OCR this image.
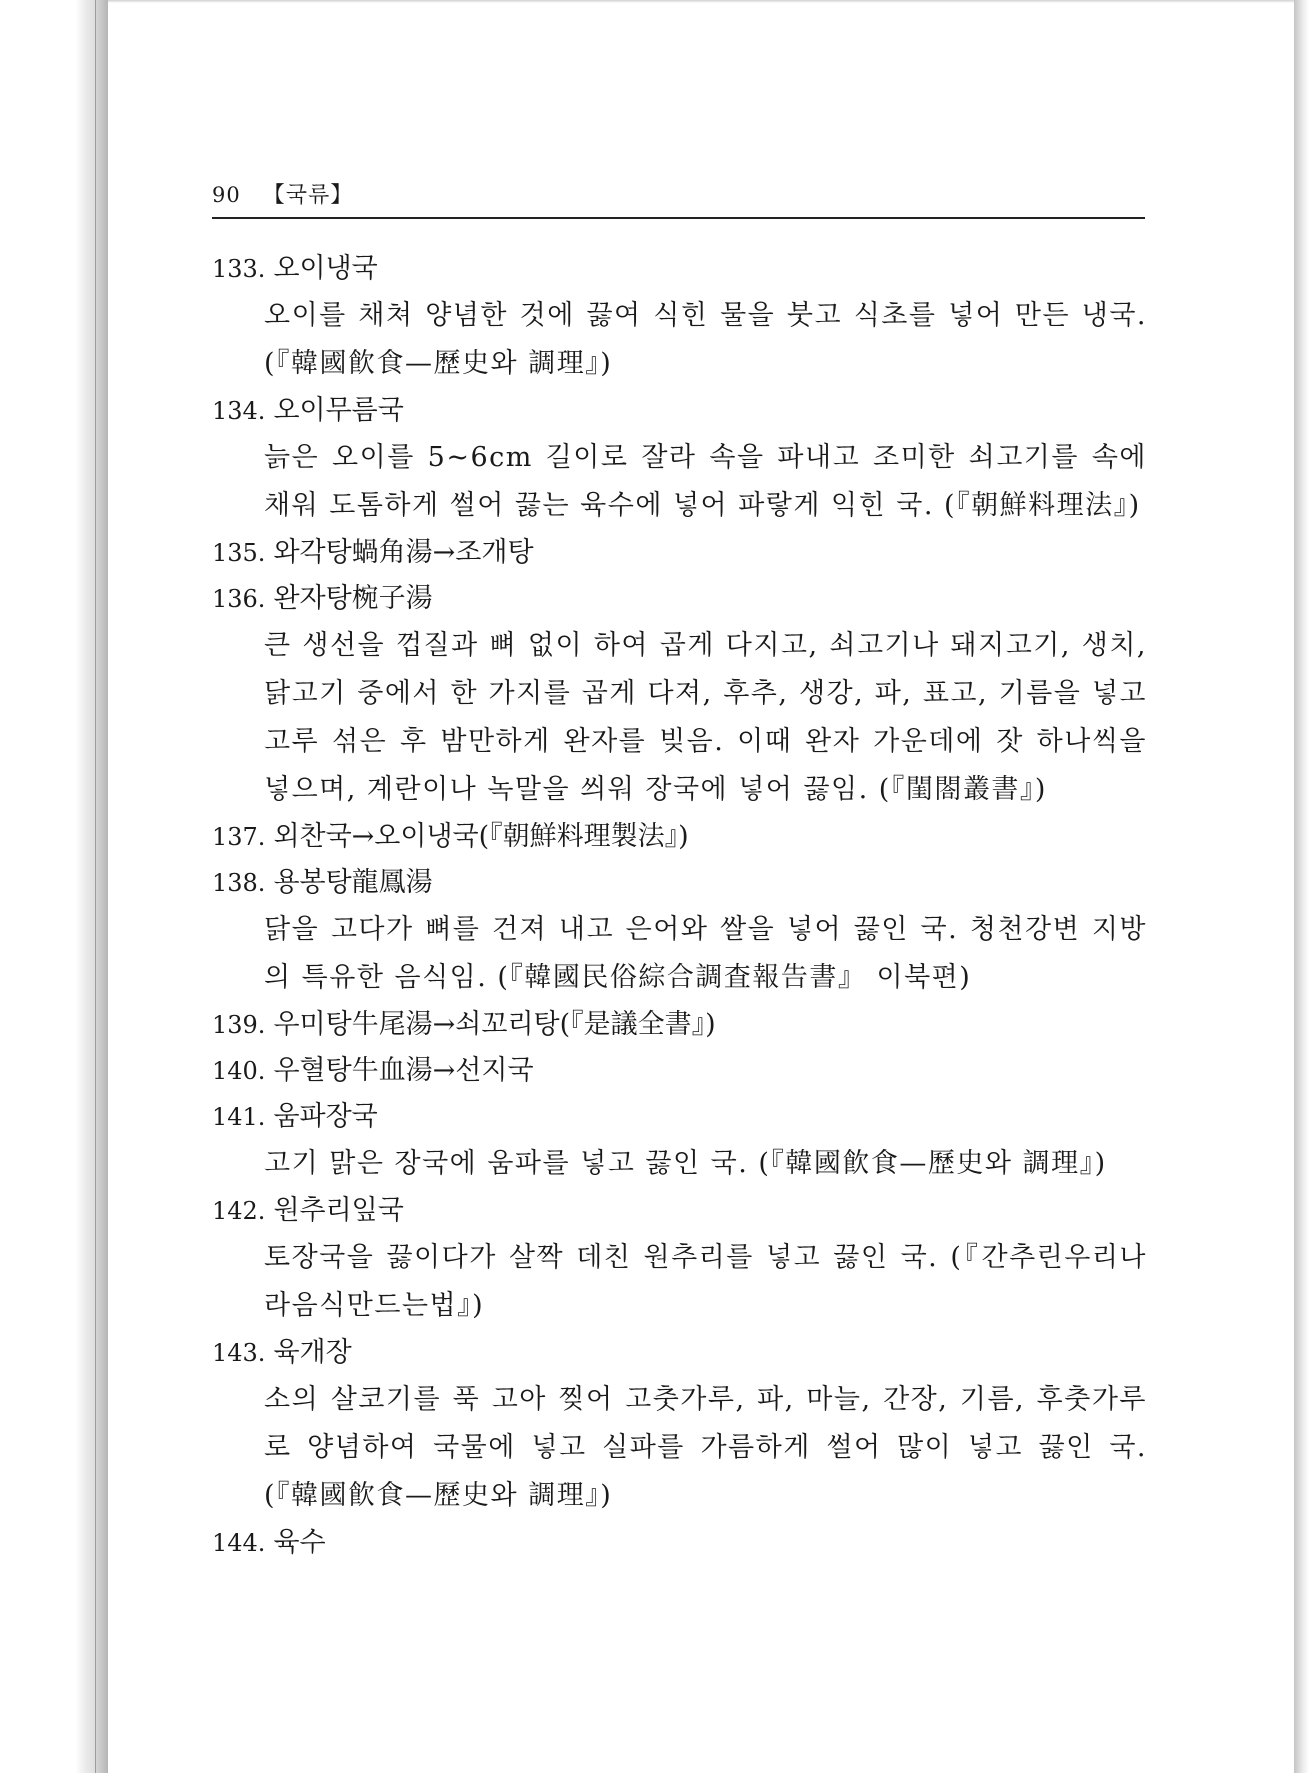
90 【국류】
133. 오이냉국

오이를 채쳐 양념한 것에 끓여 식힌 물을 붓고 식초를 넣어 만든 냉국. (『韓國飮食—歷史와 調理』)

134. 오이무름국

늙은 오이를 5~6cm 길이로 잘라 속을 파내고 조미한 쇠고기를 속에 채워 도톰하게 썰어 끓는 육수에 넣어 파랗게 익힌 국. (『朝鮮料理法』)

135. 와각탕蝸角湯→조개탕
136. 완자탕椀子湯

큰 생선을 껍질과 뼈 없이 하여 곱게 다지고, 쇠고기나 돼지고기, 생치, 닭고기 중에서 한 가지를 곱게 다져, 후추, 생강, 파, 표고, 기름을 넣고 고루 섞은 후 밤만하게 완자를 빚음. 이때 완자 가운데에 잣 하나씩을 넣으며, 계란이나 녹말을 씌워 장국에 넣어 끓임. (『閨閤叢書』)

137. 외찬국→오이냉국(『朝鮮料理製法』)
138. 용봉탕龍鳳湯

닭을 고다가 뼈를 건져 내고 은어와 쌀을 넣어 끓인 국. 청천강변 지방의 특유한 음식임. (『韓國民俗綜合調査報告書』 이북편)

139. 우미탕牛尾湯→쇠꼬리탕(『是議全書』)
140. 우혈탕牛血湯→선지국
141. 움파장국

고기 맑은 장국에 움파를 넣고 끓인 국. (『韓國飮食—歷史와 調理』)

142. 원추리잎국

토장국을 끓이다가 살짝 데친 원추리를 넣고 끓인 국. (『간추린우리나라음식만드는법』)

143. 육개장

소의 살코기를 푹 고아 찢어 고춧가루, 파, 마늘, 간장, 기름, 후춧가루로 양념하여 국물에 넣고 실파를 가름하게 썰어 많이 넣고 끓인 국. (『韓國飮食—歷史와 調理』)

144. 육수
